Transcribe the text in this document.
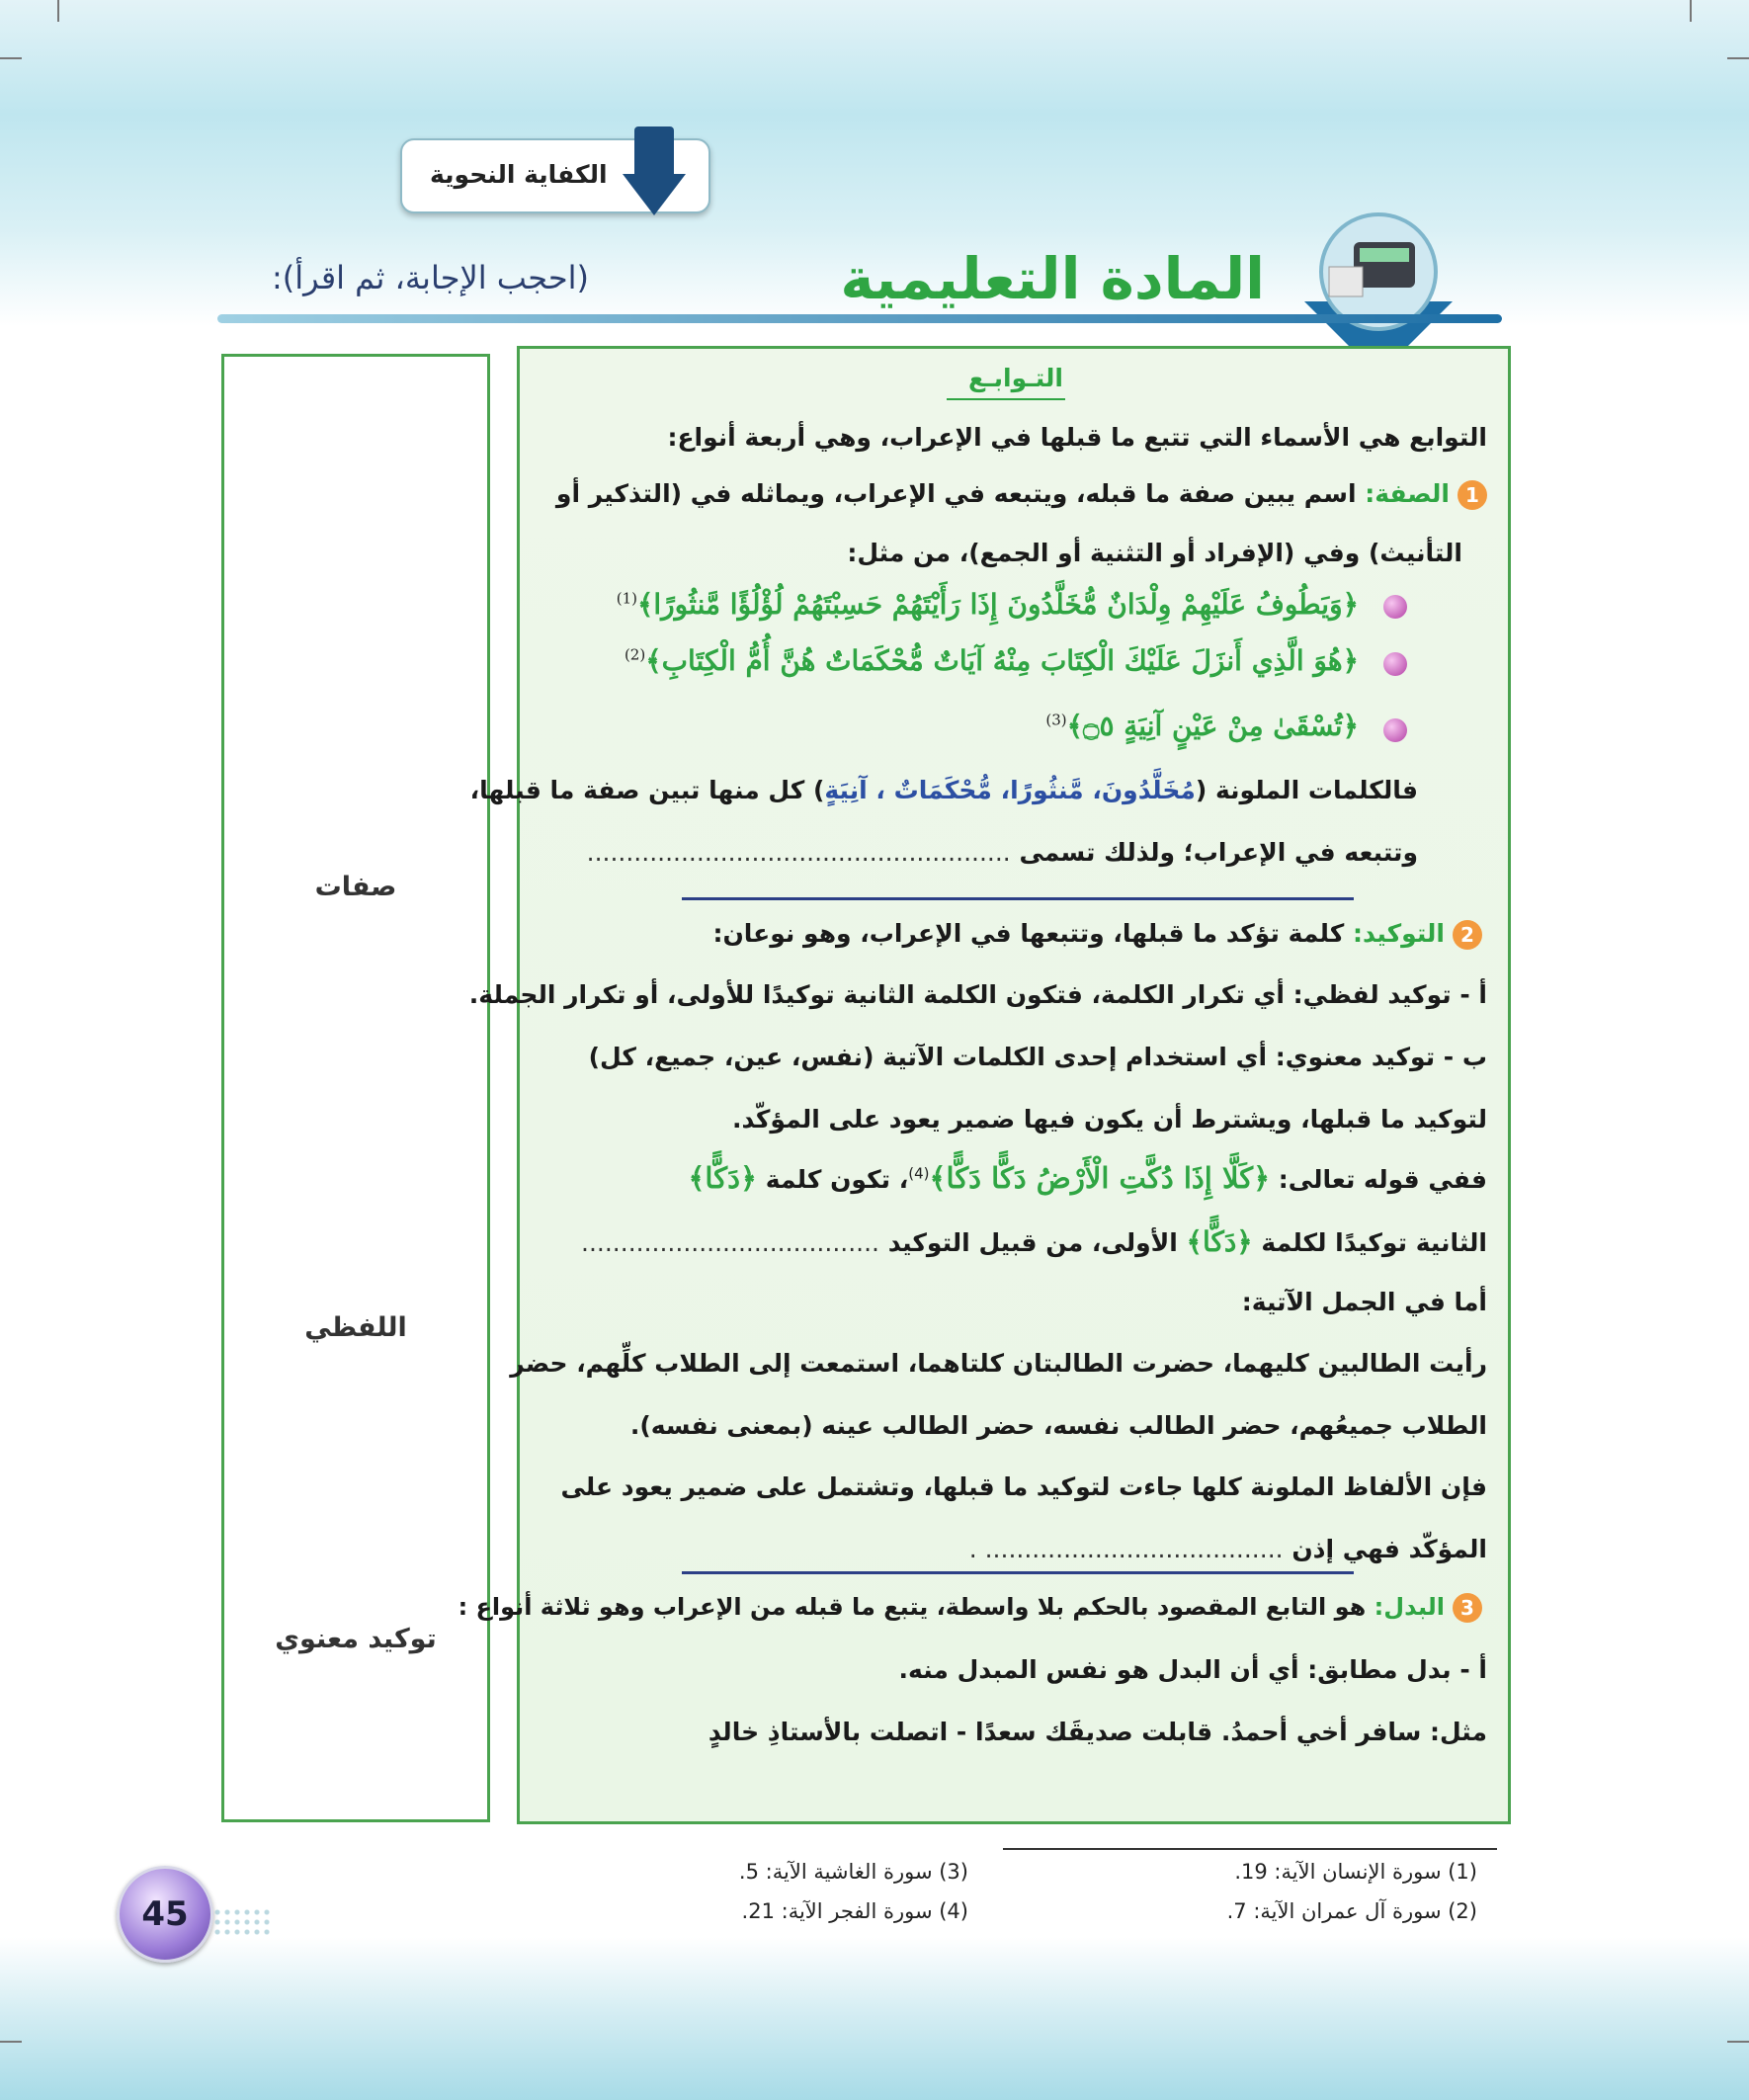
الكفاية النحوية
المادة التعليمية
(احجب الإجابة، ثم اقرأ):
صفات
اللفظي
توكيد معنوي
التـوابـع
التوابع هي الأسماء التي تتبع ما قبلها في الإعراب، وهي أربعة أنواع:
1الصفة: اسم يبين صفة ما قبله، ويتبعه في الإعراب، ويماثله في (التذكير أو
التأنيث) وفي (الإفراد أو التثنية أو الجمع)، من مثل:
﴿وَيَطُوفُ عَلَيْهِمْ وِلْدَانٌ مُّخَلَّدُونَ إِذَا رَأَيْتَهُمْ حَسِبْتَهُمْ لُؤْلُؤًا مَّنثُورًا﴾$^{(1)}$
﴿هُوَ الَّذِي أَنزَلَ عَلَيْكَ الْكِتَابَ مِنْهُ آيَاتٌ مُّحْكَمَاتٌ هُنَّ أُمُّ الْكِتَابِ﴾$^{(2)}$
﴿تُسْقَىٰ مِنْ عَيْنٍ آنِيَةٍ ۝٥﴾$^{(3)}$
فالكلمات الملونة (مُخَلَّدُونَ، مَّنثُورًا، مُّحْكَمَاتٌ ، آنِيَةٍ) كل منها تبين صفة ما قبلها،
وتتبعه في الإعراب؛ ولذلك تسمى ......................................................
2التوكيد: كلمة تؤكد ما قبلها، وتتبعها في الإعراب، وهو نوعان:
أ - توكيد لفظي: أي تكرار الكلمة، فتكون الكلمة الثانية توكيدًا للأولى، أو تكرار الجملة.
ب - توكيد معنوي: أي استخدام إحدى الكلمات الآتية (نفس، عين، جميع، كل)
لتوكيد ما قبلها، ويشترط أن يكون فيها ضمير يعود على المؤكّد.
ففي قوله تعالى: ﴿كَلَّا إِذَا دُكَّتِ الْأَرْضُ دَكًّا دَكًّا﴾$^{(4)}$، تكون كلمة ﴿دَكًّا﴾
الثانية توكيدًا لكلمة ﴿دَكًّا﴾ الأولى، من قبيل التوكيد ......................................
أما في الجمل الآتية:
رأيت الطالبين كليهما، حضرت الطالبتان كلتاهما، استمعت إلى الطلاب كلِّهم، حضر
الطلاب جميعُهم، حضر الطالب نفسه، حضر الطالب عينه (بمعنى نفسه).
فإن الألفاظ الملونة كلها جاءت لتوكيد ما قبلها، وتشتمل على ضمير يعود على
المؤكّد فهي إذن ...................................... .
3البدل: هو التابع المقصود بالحكم بلا واسطة، يتبع ما قبله من الإعراب وهو ثلاثة أنواع :
أ - بدل مطابق: أي أن البدل هو نفس المبدل منه.
مثل: سافر أخي أحمدُ. قابلت صديقَك سعدًا - اتصلت بالأستاذِ خالدٍ
(1) سورة الإنسان الآية: 19.
(2) سورة آل عمران الآية: 7.
(3) سورة الغاشية الآية: 5.
(4) سورة الفجر الآية: 21.
45
